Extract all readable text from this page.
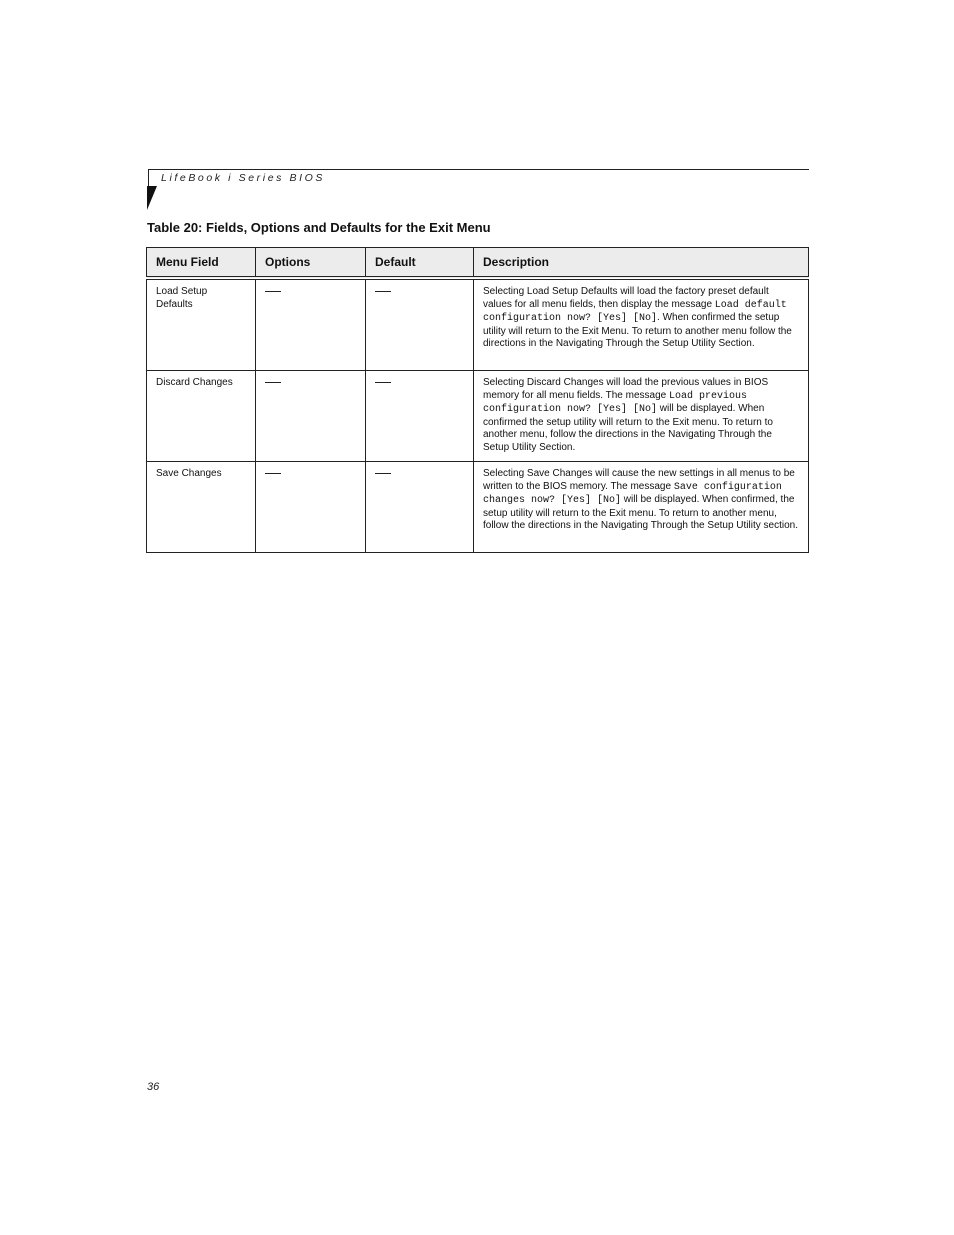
LifeBook i Series BIOS
Table 20: Fields, Options and Defaults for the Exit Menu
Menu Field	Options	Default	Description
Load Setup Defaults			Selecting Load Setup Defaults will load the factory preset default values for all menu fields, then display the message Load default configuration now? [Yes] [No]. When confirmed the setup utility will return to the Exit Menu. To return to another menu follow the directions in the Navigating Through the Setup Utility Section.
Discard Changes			Selecting Discard Changes will load the previous values in BIOS memory for all menu fields. The message Load previous configuration now? [Yes] [No] will be displayed. When confirmed the setup utility will return to the Exit menu. To return to another menu, follow the directions in the Navigating Through the Setup Utility Section.
Save Changes			Selecting Save Changes will cause the new settings in all menus to be written to the BIOS memory. The message Save configuration changes now? [Yes] [No] will be displayed. When confirmed, the setup utility will return to the Exit menu. To return to another menu, follow the directions in the Navigating Through the Setup Utility section.
36
